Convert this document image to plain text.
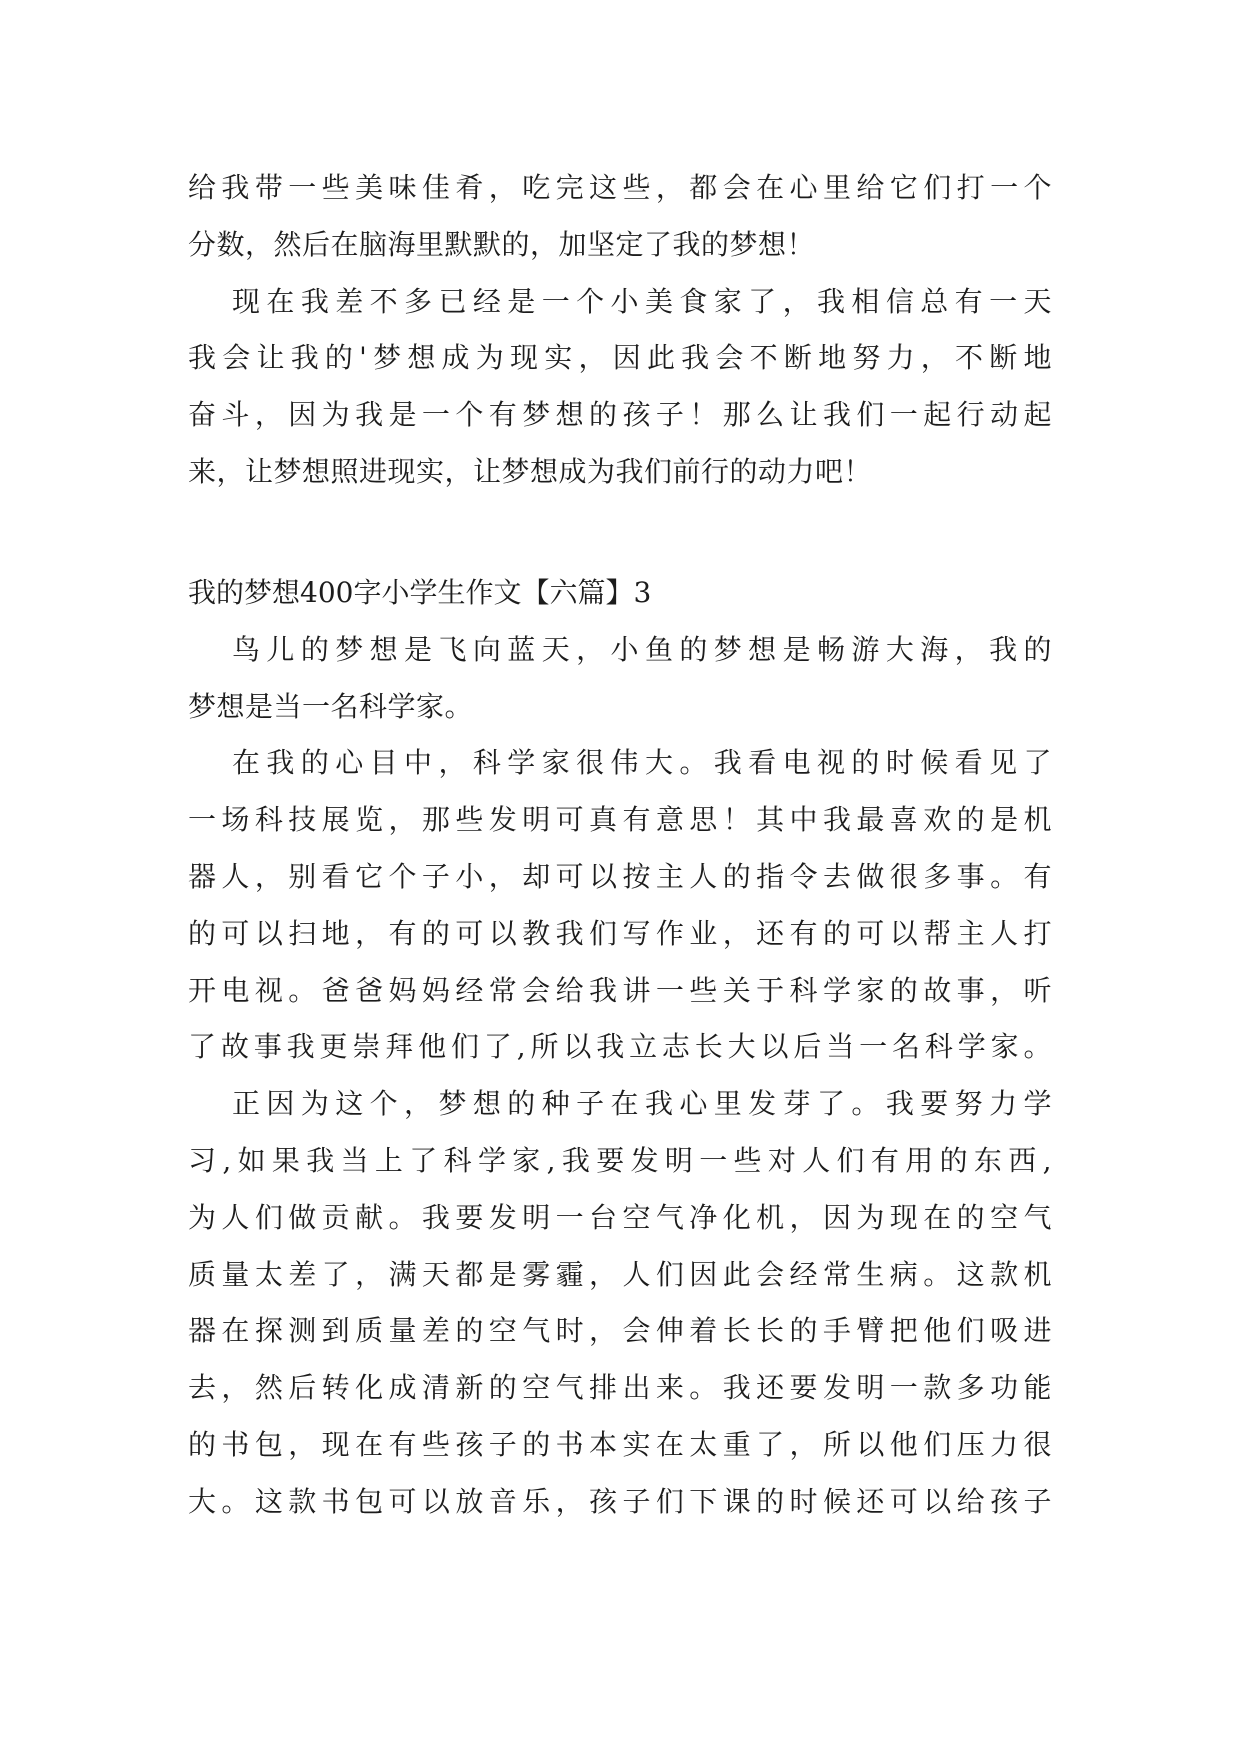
给我带一些美味佳肴，吃完这些，都会在心里给它们打一个
分数，然后在脑海里默默的，加坚定了我的梦想！
现在我差不多已经是一个小美食家了，我相信总有一天
我会让我的'梦想成为现实，因此我会不断地努力，不断地
奋斗，因为我是一个有梦想的孩子！那么让我们一起行动起
来，让梦想照进现实，让梦想成为我们前行的动力吧！
我的梦想400字小学生作文【六篇】3
鸟儿的梦想是飞向蓝天，小鱼的梦想是畅游大海，我的
梦想是当一名科学家。
在我的心目中，科学家很伟大。我看电视的时候看见了
一场科技展览，那些发明可真有意思！其中我最喜欢的是机
器人，别看它个子小，却可以按主人的指令去做很多事。有
的可以扫地，有的可以教我们写作业，还有的可以帮主人打
开电视。爸爸妈妈经常会给我讲一些关于科学家的故事，听
了故事我更崇拜他们了,所以我立志长大以后当一名科学家。
正因为这个，梦想的种子在我心里发芽了。我要努力学
习,如果我当上了科学家,我要发明一些对人们有用的东西,
为人们做贡献。我要发明一台空气净化机，因为现在的空气
质量太差了，满天都是雾霾，人们因此会经常生病。这款机
器在探测到质量差的空气时，会伸着长长的手臂把他们吸进
去，然后转化成清新的空气排出来。我还要发明一款多功能
的书包，现在有些孩子的书本实在太重了，所以他们压力很
大。这款书包可以放音乐，孩子们下课的时候还可以给孩子
